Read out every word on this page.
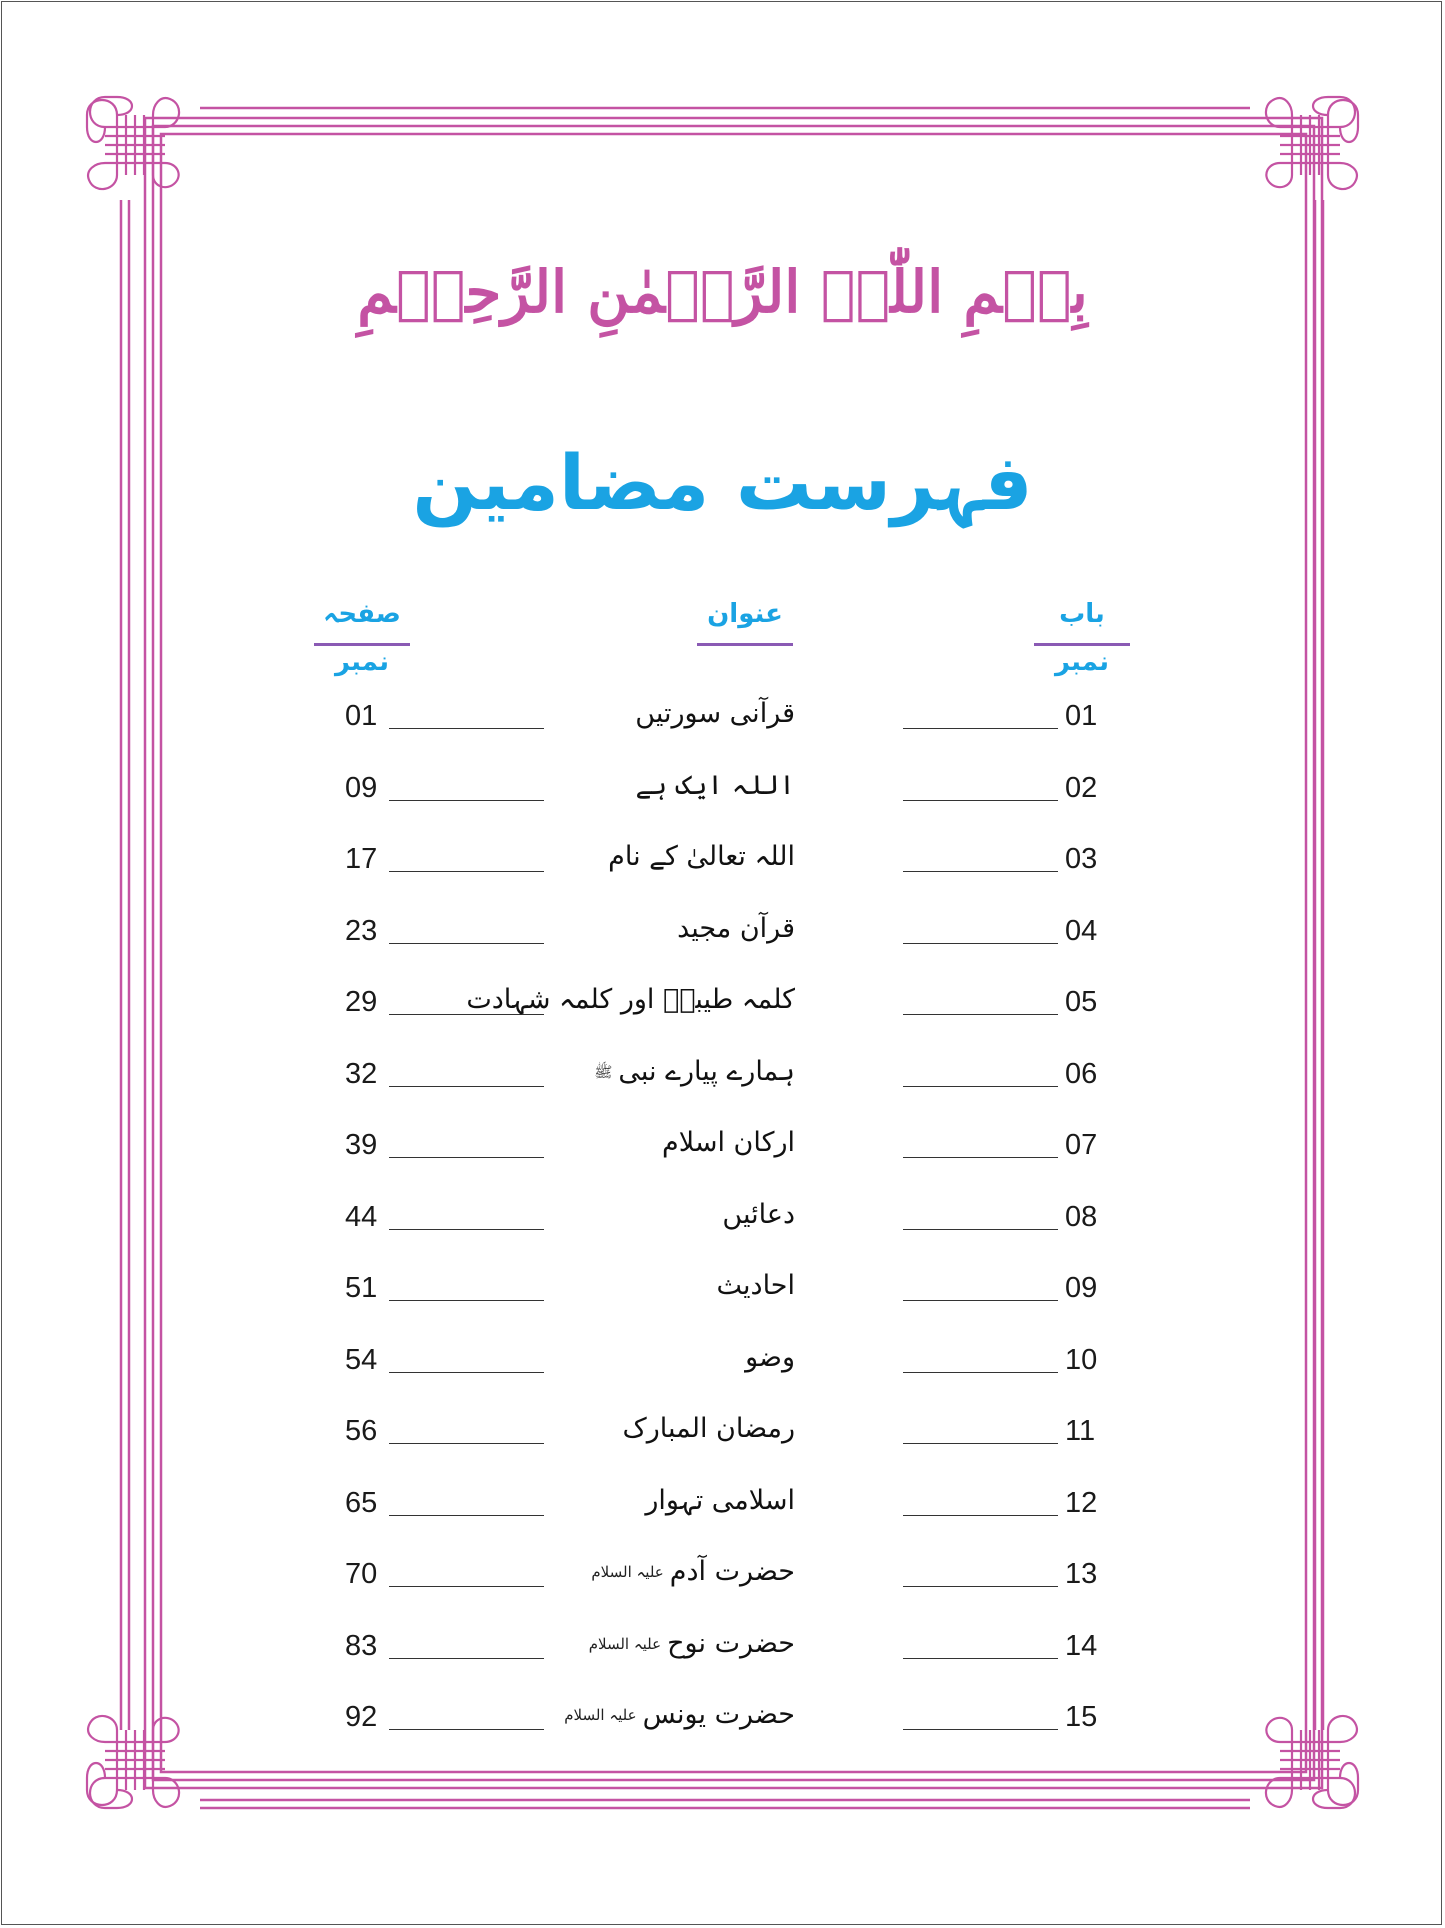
بِسۡمِ اللّٰہِ الرَّحۡمٰنِ الرَّحِیۡمِ
فہرست مضامین
باب نمبر
عنوان
صفحہ نمبر
01	قرآنی سورتیں	01
09	اللہ ایک ہے	02
17	اللہ تعالیٰ کے نام	03
23	قرآن مجید	04
29	کلمہ طیبہؔ اور کلمہ شہادت	05
32	ہمارے پیارے نبیﷺ	06
39	ارکان اسلام	07
44	دعائیں	08
51	احادیث	09
54	وضو	10
56	رمضان المبارک	11
65	اسلامی تہوار	12
70	حضرت آدمعلیہ السلام	13
83	حضرت نوحعلیہ السلام	14
92	حضرت یونسعلیہ السلام	15
